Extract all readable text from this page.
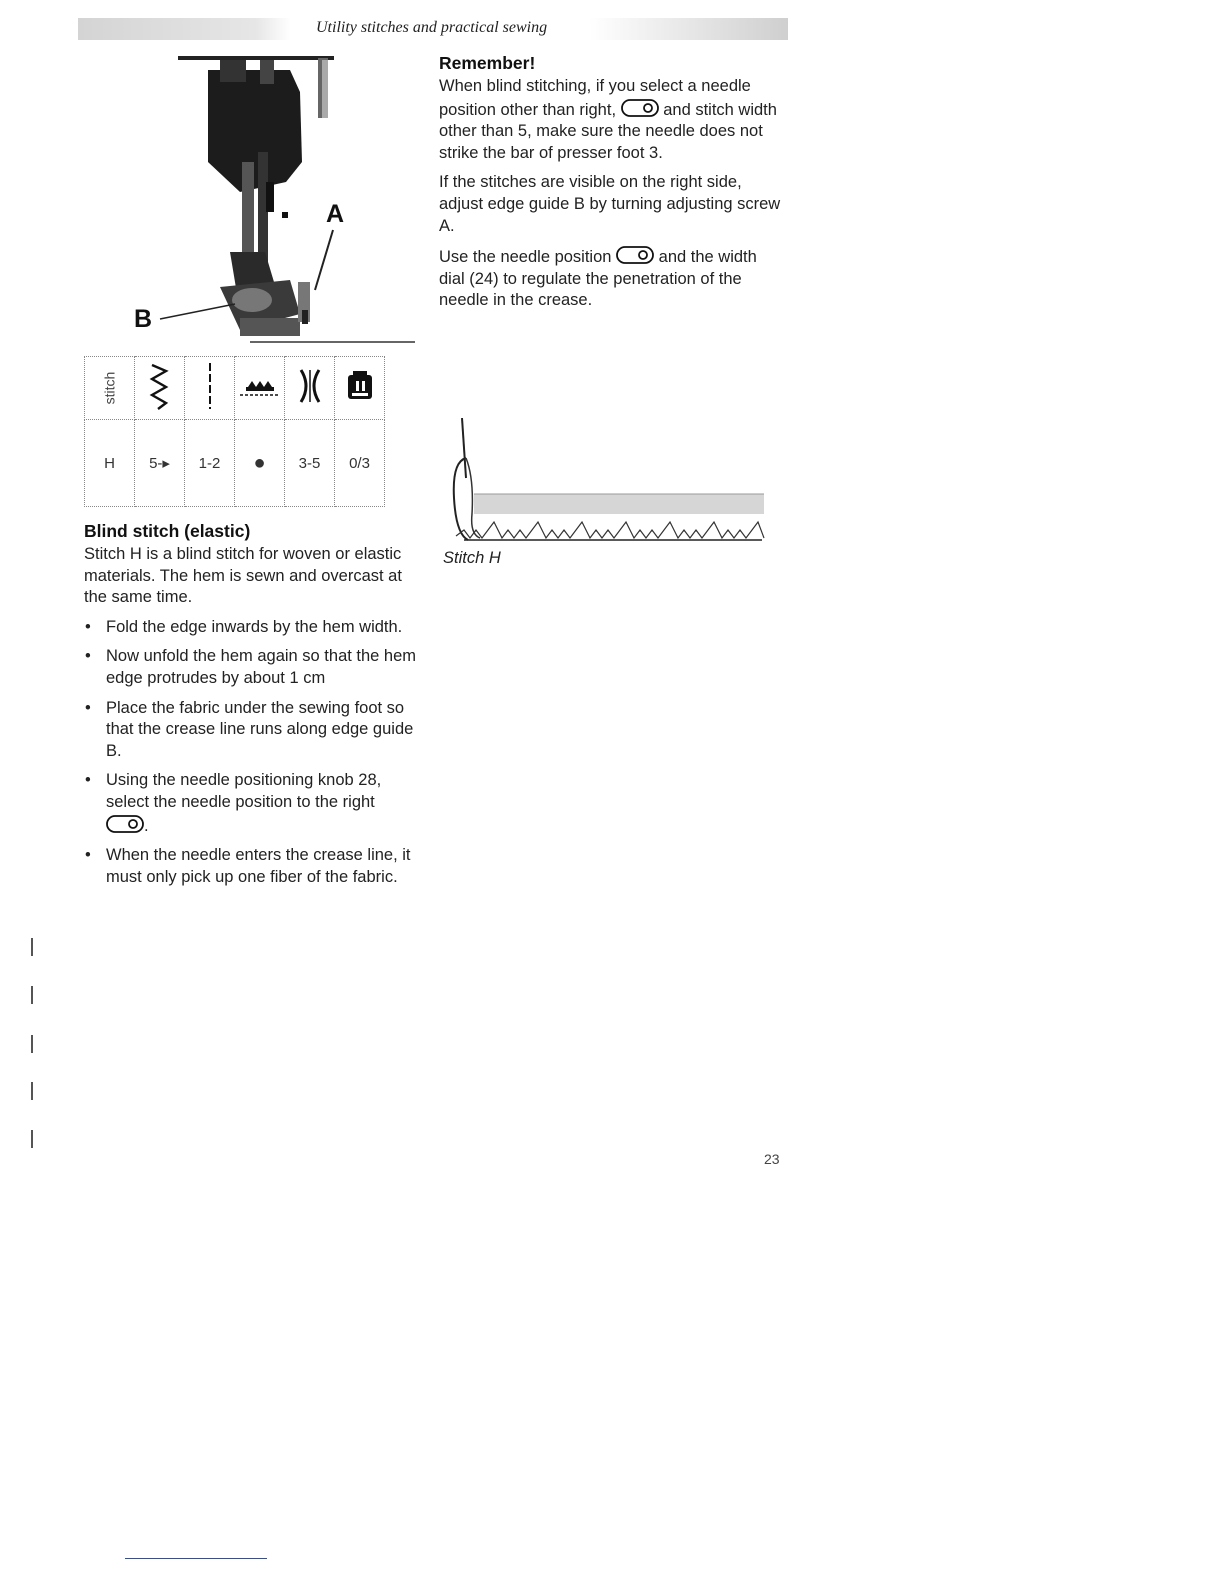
Utility stitches and practical sewing
A
B
stitch					
H	5-▸	1-2	●	3-5	0/3
Blind stitch (elastic)

Stitch H is a blind stitch for woven or elastic materials. The hem is sewn and overcast at the same time.

• Fold the edge inwards by the hem width.
• Now unfold the hem again so that the hem edge protrudes by about 1 cm
• Place the fabric under the sewing foot so that the crease line runs along edge guide B.
• Using the needle positioning knob 28, select the needle position to the right
.
• When the needle enters the crease line, it must only pick up one fiber of the fabric.
Remember!

When blind stitching, if you select a needle position other than right,	and stitch width other than 5, make sure the needle does not strike the bar of presser foot 3.

If the stitches are visible on the right side, adjust edge guide B by turning adjusting screw A.

Use the needle position	and the width dial (24) to regulate the penetration of the needle in the crease.

Stitch H
23
